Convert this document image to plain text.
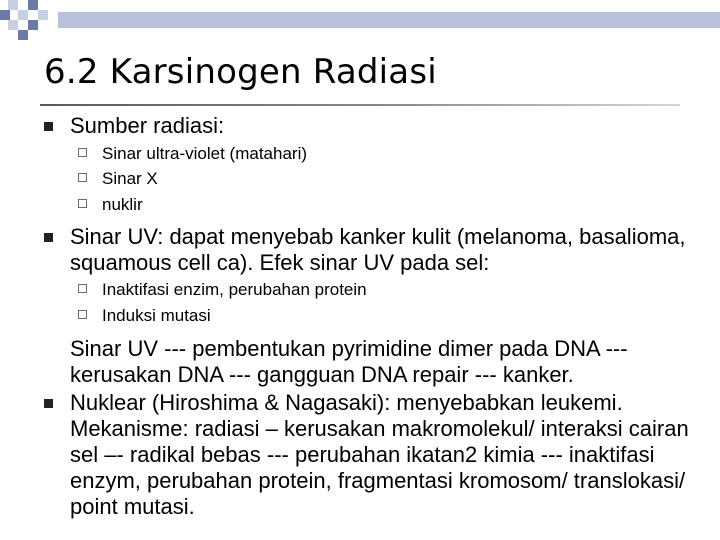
6.2 Karsinogen Radiasi
Sumber radiasi:
Sinar ultra-violet (matahari)
Sinar X
nuklir
Sinar UV: dapat menyebab kanker kulit (melanoma, basalioma, squamous cell ca). Efek sinar UV pada sel:
Inaktifasi enzim, perubahan protein
Induksi mutasi
Sinar UV --- pembentukan pyrimidine dimer pada DNA --- kerusakan DNA --- gangguan DNA repair --- kanker.
Nuklear (Hiroshima & Nagasaki): menyebabkan leukemi. Mekanisme: radiasi – kerusakan makromolekul/ interaksi cairan sel –- radikal bebas --- perubahan ikatan2 kimia --- inaktifasi enzym, perubahan protein, fragmentasi kromosom/ translokasi/ point mutasi.
